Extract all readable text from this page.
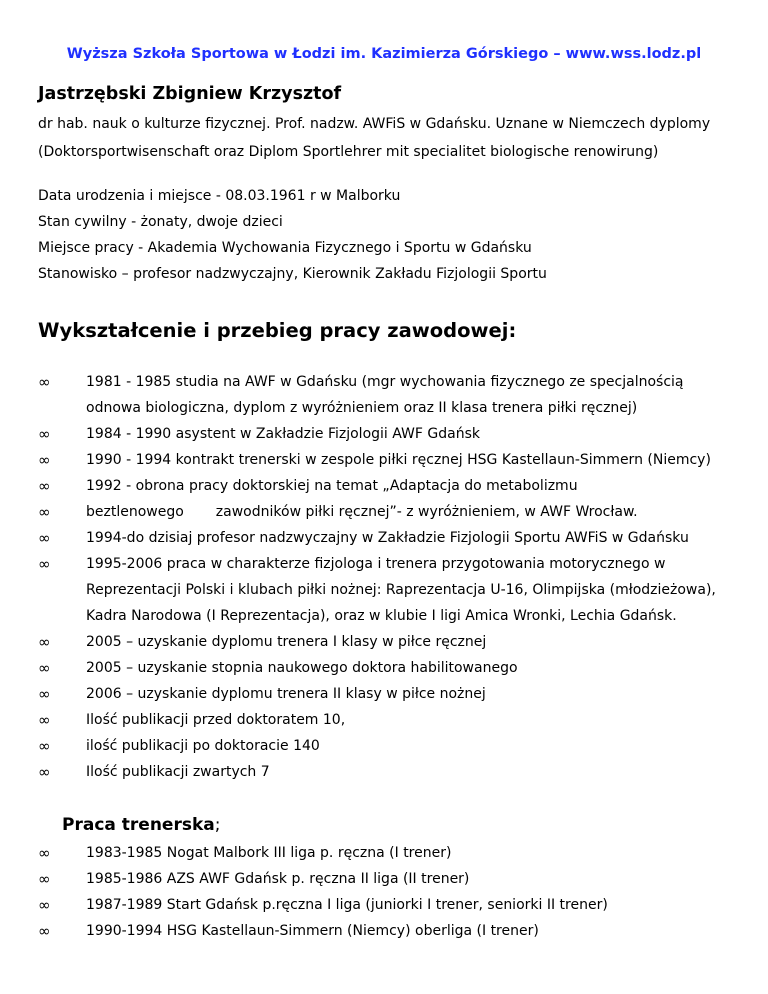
Wyższa Szkoła Sportowa w Łodzi im. Kazimierza Górskiego – www.wss.lodz.pl
Jastrzębski Zbigniew Krzysztof
dr hab. nauk o kulturze fizycznej. Prof. nadzw. AWFiS w Gdańsku. Uznane w Niemczech dyplomy
(Doktorsportwisenschaft oraz Diplom Sportlehrer mit specialitet biologische renowirung)
Data urodzenia i miejsce - 08.03.1961 r w Malborku
Stan cywilny - żonaty, dwoje dzieci
Miejsce pracy - Akademia Wychowania Fizycznego i Sportu w Gdańsku
Stanowisko – profesor nadzwyczajny, Kierownik Zakładu Fizjologii Sportu
Wykształcenie i przebieg pracy zawodowej:
∞	1981 - 1985 studia na AWF w Gdańsku (mgr wychowania fizycznego ze specjalnością
odnowa biologiczna, dyplom z wyróżnieniem oraz II klasa trenera piłki ręcznej)
∞	1984 - 1990 asystent w Zakładzie Fizjologii AWF Gdańsk
∞	1990 - 1994 kontrakt trenerski w zespole piłki ręcznej HSG Kastellaun-Simmern (Niemcy)
∞	1992 - obrona pracy doktorskiej na temat „Adaptacja do metabolizmu
∞	beztlenowego zawodników piłki ręcznej”- z wyróżnieniem, w AWF Wrocław.
∞	1994-do dzisiaj profesor nadzwyczajny w Zakładzie Fizjologii Sportu AWFiS w Gdańsku
∞	1995-2006 praca w charakterze fizjologa i trenera przygotowania motorycznego w
Reprezentacji Polski i klubach piłki nożnej: Raprezentacja U-16, Olimpijska (młodzieżowa),
Kadra Narodowa (I Reprezentacja), oraz w klubie I ligi Amica Wronki, Lechia Gdańsk.
∞	2005 – uzyskanie dyplomu trenera I klasy w piłce ręcznej
∞	2005 – uzyskanie stopnia naukowego doktora habilitowanego
∞	2006 – uzyskanie dyplomu trenera II klasy w piłce nożnej
∞	Ilość publikacji przed doktoratem 10,
∞	ilość publikacji po doktoracie 140
∞	Ilość publikacji zwartych 7
Praca trenerska;
∞	1983-1985 Nogat Malbork III liga p. ręczna (I trener)
∞	1985-1986 AZS AWF Gdańsk p. ręczna II liga (II trener)
∞	1987-1989 Start Gdańsk p.ręczna I liga (juniorki I trener, seniorki II trener)
∞	1990-1994 HSG Kastellaun-Simmern (Niemcy) oberliga (I trener)
